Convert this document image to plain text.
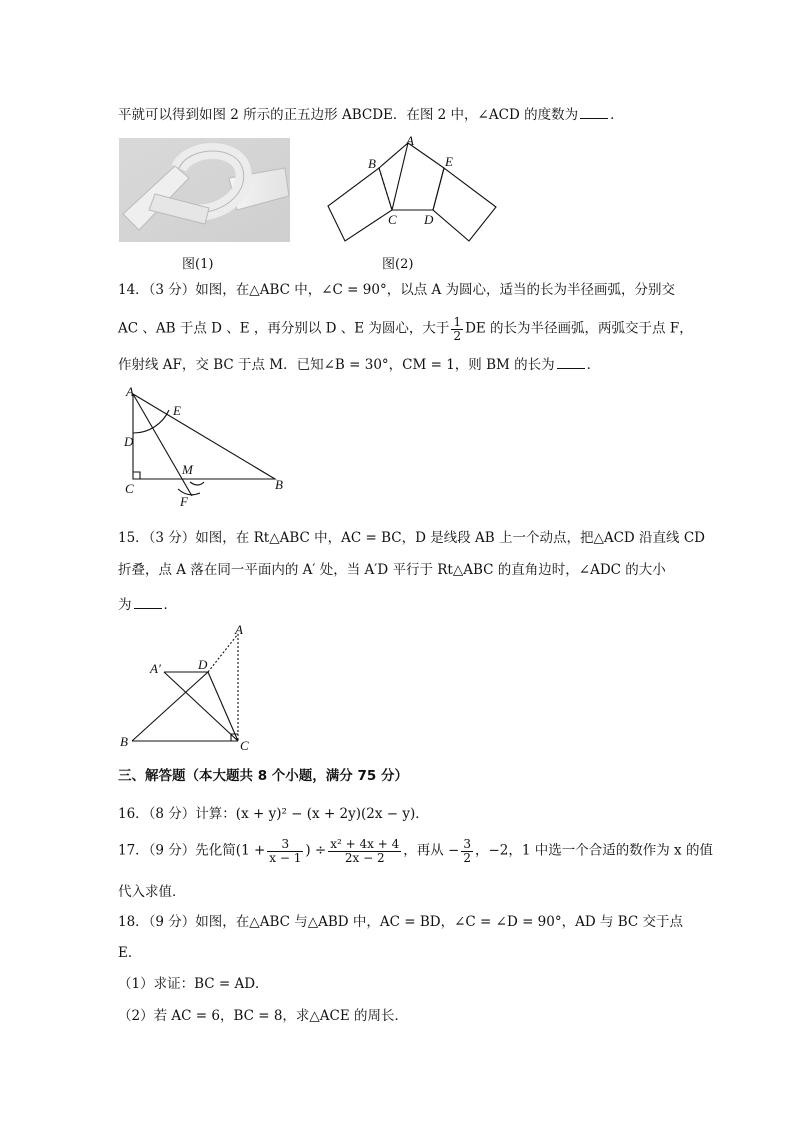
平就可以得到如图 2 所示的正五边形 ABCDE．在图 2 中，∠ACD 的度数为 ．
图(1)
A
B
C D
E
图(2)
14．（3 分）如图，在△ABC 中，∠C = 90°，以点 A 为圆心，适当的长为半径画弧，分别交
AC 、AB 于点 D 、E ，再分别以 D 、E 为圆心，大于 $\frac{1}{2}$ DE 的长为半径画弧，两弧交于点 F，
作射线 AF，交 BC 于点 M．已知∠B = 30°，CM = 1，则 BM 的长为 ．
A
E
D
M
C	B
F
15．（3 分）如图，在 Rt△ABC 中，AC = BC，D 是线段 AB 上一个动点，把△ACD 沿直线 CD
折叠，点 A 落在同一平面内的 A′ 处，当 A′D 平行于 Rt△ABC 的直角边时，∠ADC 的大小
为 ．
A
A′	D
B	C
三、解答题（本大题共 8 个小题，满分 75 分）
16．（8 分）计算：(x + y)² − (x + 2y)(2x − y)．
17．（9 分）先化简($1 + \frac{3}{x - 1}$ ) ÷ $\frac{\text{x² + 4x + 4}}{2x - 2}$ ，再从 − $\frac{3}{2}$ ，−2，1 中选一个合适的数作为 x 的值
代入求值．
18．（9 分）如图，在△ABC 与△ABD 中，AC = BD，∠C = ∠D = 90°，AD 与 BC 交于点
E．
（1）求证：BC = AD．
（2）若 AC = 6，BC = 8，求△ACE 的周长．
